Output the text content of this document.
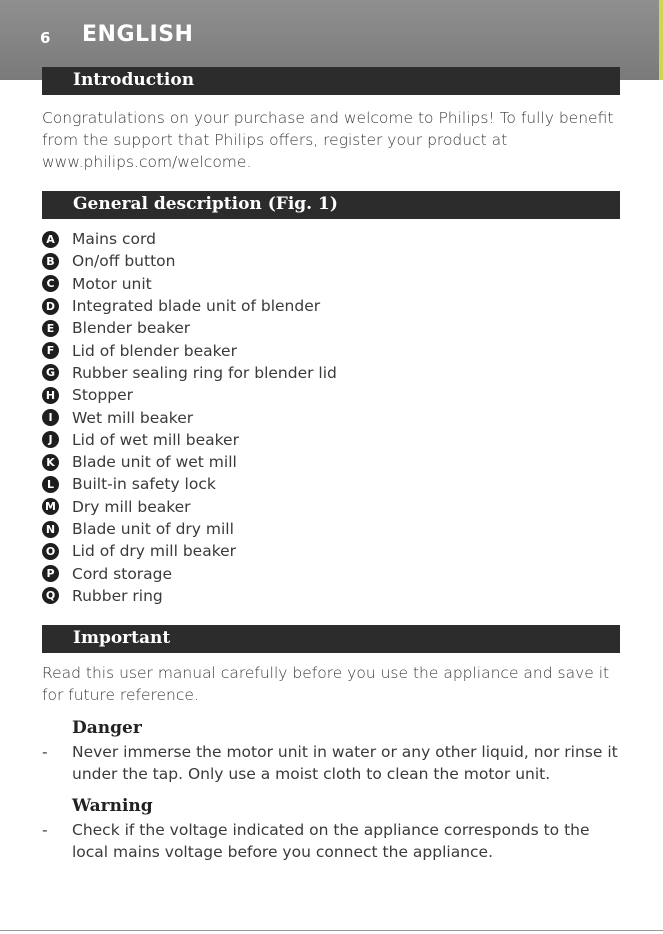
6 ENGLISH
Introduction
Congratulations on your purchase and welcome to Philips! To fully benefit from the support that Philips offers, register your product at www.philips.com/welcome.
General description (Fig. 1)
A Mains cord
B On/off button
C Motor unit
D Integrated blade unit of blender
E	Blender beaker
F	Lid of blender beaker
G Rubber sealing ring for blender lid
H Stopper
I	Wet mill beaker
J	Lid of wet mill beaker
K Blade unit of wet mill
L	Built-in safety lock
M Dry mill beaker
N Blade unit of dry mill
O Lid of dry mill beaker
P Cord storage
Q Rubber ring
Important
Read this user manual carefully before you use the appliance and save it for future reference.
Danger
- Never immerse the motor unit in water or any other liquid, nor rinse it under the tap. Only use a moist cloth to clean the motor unit.
Warning
- Check if the voltage indicated on the appliance corresponds to the local mains voltage before you connect the appliance.
